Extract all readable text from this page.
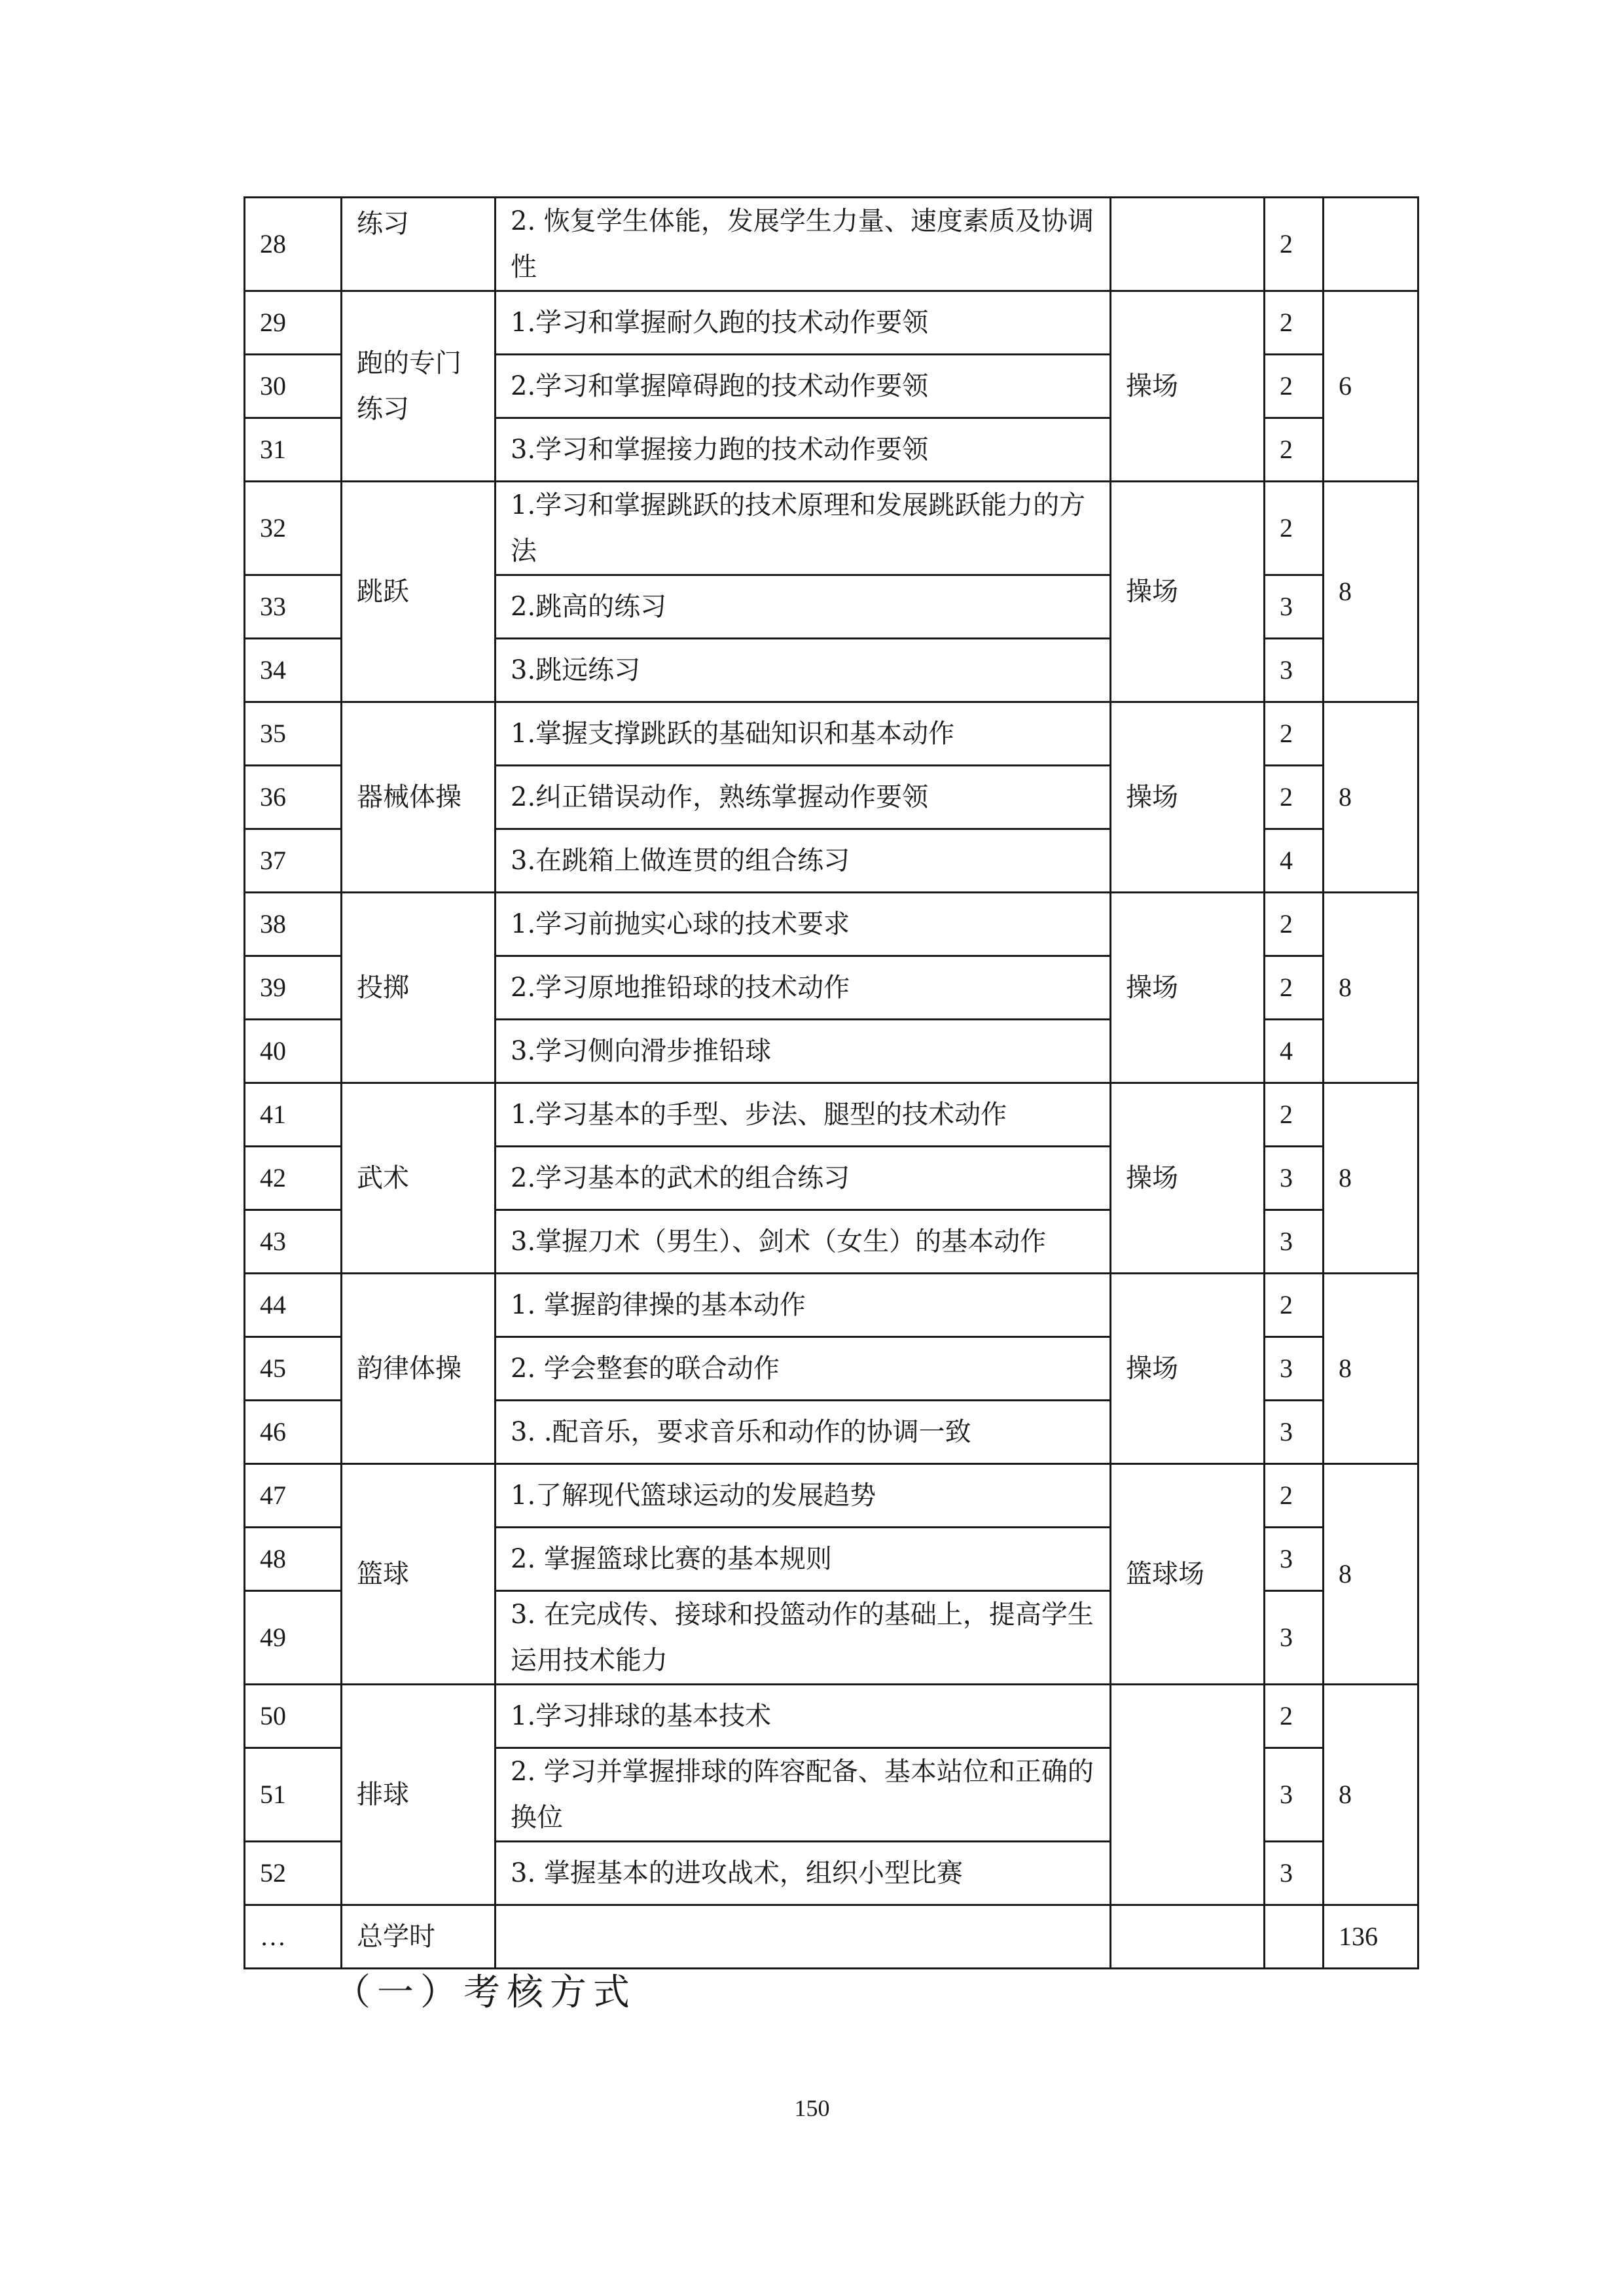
28	练习	2. 恢复学生体能，发展学生力量、速度素质及协调性		2	
29	跑的专门练习	1.学习和掌握耐久跑的技术动作要领	操场	2	6
30		2.学习和掌握障碍跑的技术动作要领		2	
31		3.学习和掌握接力跑的技术动作要领		2	
32	跳跃	1.学习和掌握跳跃的技术原理和发展跳跃能力的方法	操场	2	8
33		2.跳高的练习		3	
34		3.跳远练习		3	
35	器械体操	1.掌握支撑跳跃的基础知识和基本动作	操场	2	8
36		2.纠正错误动作，熟练掌握动作要领		2	
37		3.在跳箱上做连贯的组合练习		4	
38	投掷	1.学习前抛实心球的技术要求	操场	2	8
39		2.学习原地推铅球的技术动作		2	
40		3.学习侧向滑步推铅球		4	
41	武术	1.学习基本的手型、步法、腿型的技术动作	操场	2	8
42		2.学习基本的武术的组合练习		3	
43		3.掌握刀术（男生）、剑术（女生）的基本动作		3	
44	韵律体操	1. 掌握韵律操的基本动作	操场	2	8
45		2. 学会整套的联合动作		3	
46		3. .配音乐，要求音乐和动作的协调一致		3	
47	篮球	1.了解现代篮球运动的发展趋势	篮球场	2	8
48		2. 掌握篮球比赛的基本规则		3	
49		3. 在完成传、接球和投篮动作的基础上，提高学生运用技术能力		3	
50	排球	1.学习排球的基本技术		2	8
51		2. 学习并掌握排球的阵容配备、基本站位和正确的换位		3	
52		3. 掌握基本的进攻战术，组织小型比赛		3	
…	总学时				136
（一）考核方式
150
